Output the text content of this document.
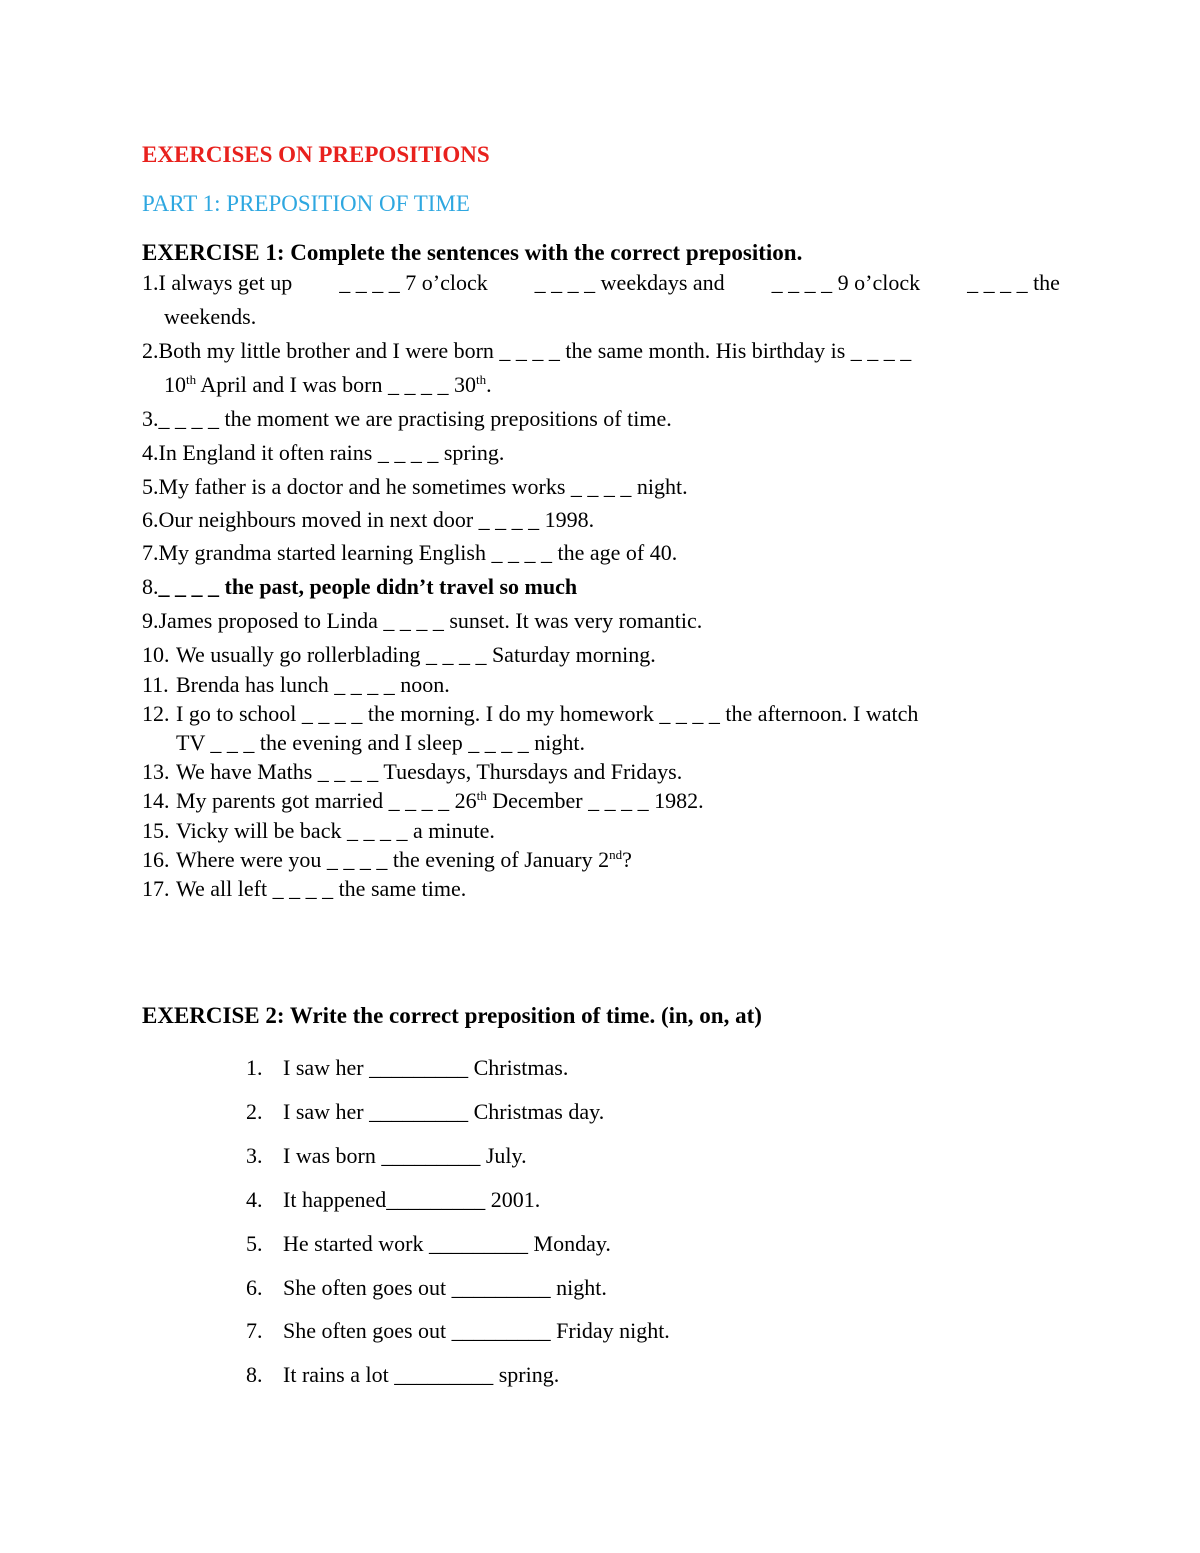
EXERCISES ON PREPOSITIONS
PART 1: PREPOSITION OF TIME
EXERCISE 1: Complete the sentences with the correct preposition.
1.I always get up _ _ _ _ 7 o’clock _ _ _ _ weekdays and _ _ _ _ 9 o’clock _ _ _ _ the
weekends.
2.Both my little brother and I were born _ _ _ _ the same month. His birthday is _ _ _ _
10th April and I was born _ _ _ _ 30th.
3._ _ _ _ the moment we are practising prepositions of time.
4.In England it often rains _ _ _ _ spring.
5.My father is a doctor and he sometimes works _ _ _ _ night.
6.Our neighbours moved in next door _ _ _ _ 1998.
7.My grandma started learning English _ _ _ _ the age of 40.
8._ _ _ _ the past, people didn’t travel so much
9.James proposed to Linda _ _ _ _ sunset. It was very romantic.
10. We usually go rollerblading _ _ _ _ Saturday morning.
11. Brenda has lunch _ _ _ _ noon.
12. I go to school _ _ _ _ the morning. I do my homework _ _ _ _ the afternoon. I watch
TV _ _ _ the evening and I sleep _ _ _ _ night.
13. We have Maths _ _ _ _ Tuesdays, Thursdays and Fridays.
14. My parents got married _ _ _ _ 26th December _ _ _ _ 1982.
15. Vicky will be back _ _ _ _ a minute.
16. Where were you _ _ _ _ the evening of January 2nd?
17. We all left _ _ _ _ the same time.
EXERCISE 2: Write the correct preposition of time. (in, on, at)
1. I saw her _________ Christmas.
2. I saw her _________ Christmas day.
3. I was born _________ July.
4. It happened_________ 2001.
5. He started work _________ Monday.
6. She often goes out _________ night.
7. She often goes out _________ Friday night.
8. It rains a lot _________ spring.
